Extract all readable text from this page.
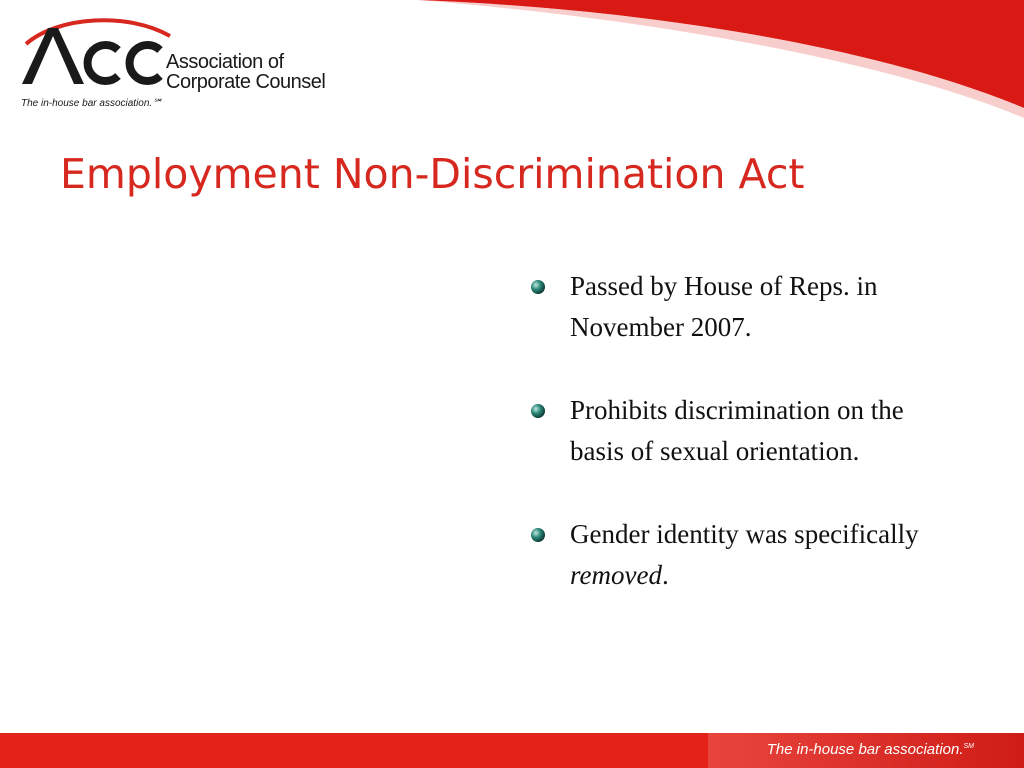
Association of
Corporate Counsel
The in-house bar association.℠
Employment Non-Discrimination Act
Passed by House of Reps. in November 2007.
Prohibits discrimination on the basis of sexual orientation.
Gender identity was specifically removed.
The in-house bar association.℠
